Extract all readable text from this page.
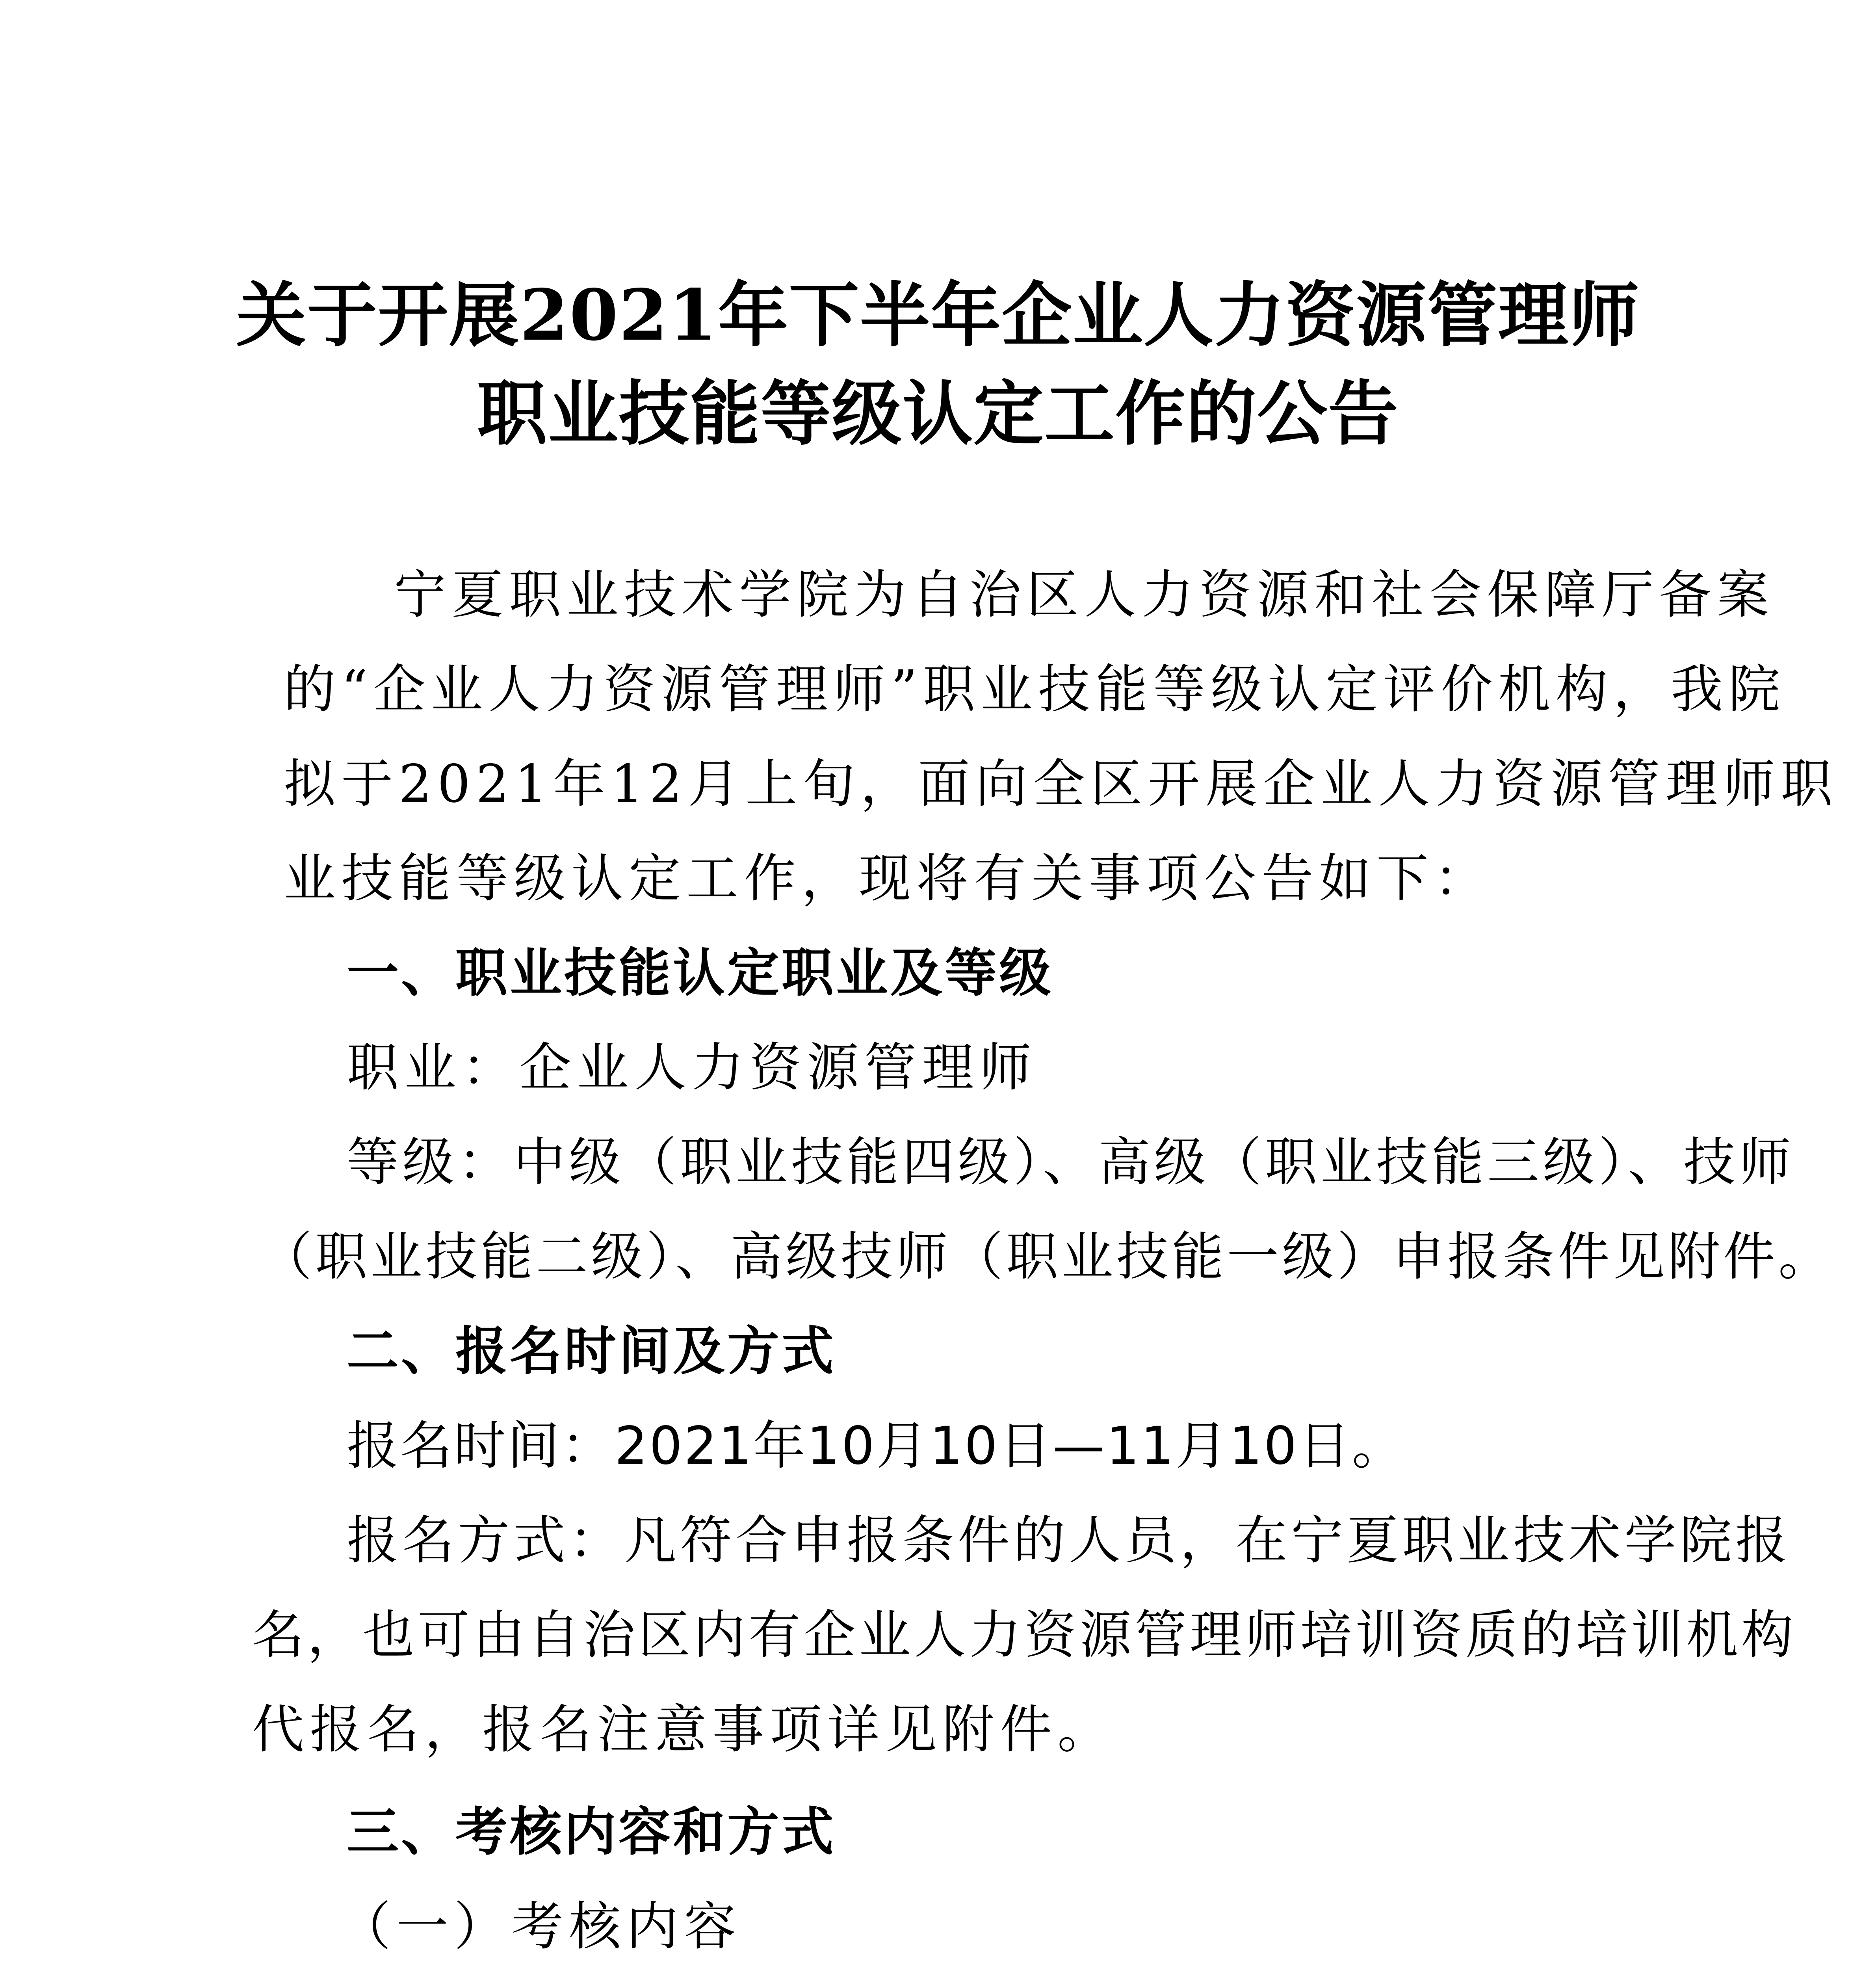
关于开展2021年下半年企业人力资源管理师
职业技能等级认定工作的公告
宁夏职业技术学院为自治区人力资源和社会保障厅备案
的“企业人力资源管理师”职业技能等级认定评价机构，我院
拟于2021年12月上旬，面向全区开展企业人力资源管理师职
业技能等级认定工作，现将有关事项公告如下：
一、职业技能认定职业及等级
职业：企业人力资源管理师
等级：中级（职业技能四级）、高级（职业技能三级）、技师
（职业技能二级）、高级技师（职业技能一级）申报条件见附件。
二、报名时间及方式
报名时间：2021年10月10日—11月10日。
报名方式：凡符合申报条件的人员，在宁夏职业技术学院报
名，也可由自治区内有企业人力资源管理师培训资质的培训机构
代报名，报名注意事项详见附件。
三、考核内容和方式
（一）考核内容
